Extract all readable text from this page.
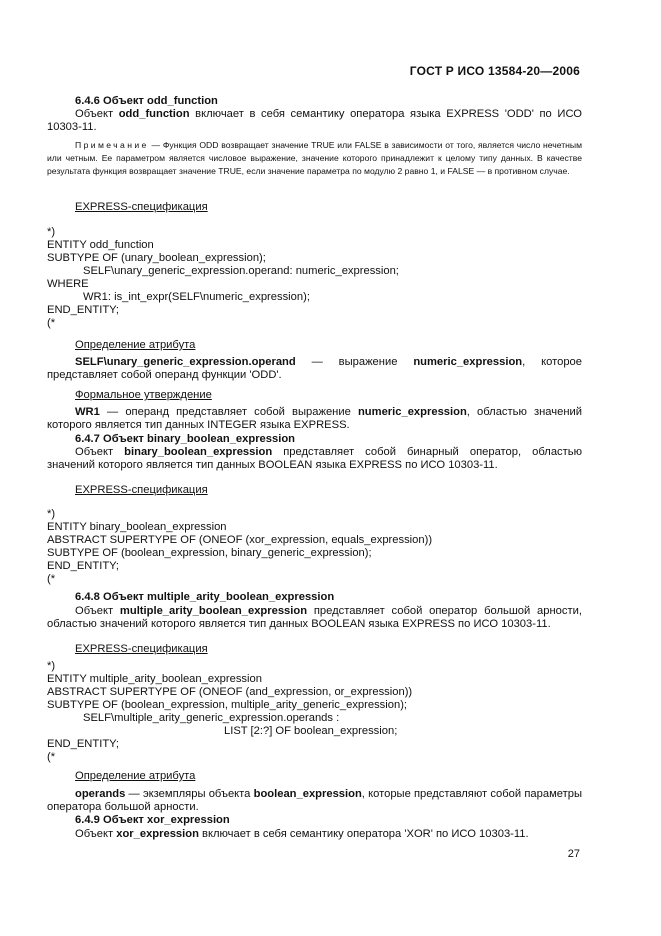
ГОСТ Р ИСО 13584-20—2006
6.4.6 Объект odd_function
Объект odd_function включает в себя семантику оператора языка EXPRESS 'ODD' по ИСО 10303-11.
Примечание — Функция ODD возвращает значение TRUE или FALSE в зависимости от того, является число нечетным или четным. Ее параметром является числовое выражение, значение которого принадлежит к целому типу данных. В качестве результата функция возвращает значение TRUE, если значение параметра по модулю 2 равно 1, и FALSE — в противном случае.
EXPRESS-спецификация
*)
ENTITY odd_function
SUBTYPE OF (unary_boolean_expression);
SELF\unary_generic_expression.operand: numeric_expression;
WHERE
WR1: is_int_expr(SELF\numeric_expression);
END_ENTITY;
(*
Определение атрибута
SELF\unary_generic_expression.operand — выражение numeric_expression, которое представляет собой операнд функции 'ODD'.
Формальное утверждение
WR1 — операнд представляет собой выражение numeric_expression, областью значений которого является тип данных INTEGER языка EXPRESS.
6.4.7 Объект binary_boolean_expression
Объект binary_boolean_expression представляет собой бинарный оператор, областью значений которого является тип данных BOOLEAN языка EXPRESS по ИСО 10303-11.
EXPRESS-спецификация
*)
ENTITY binary_boolean_expression
ABSTRACT SUPERTYPE OF (ONEOF (xor_expression, equals_expression))
SUBTYPE OF (boolean_expression, binary_generic_expression);
END_ENTITY;
(*
6.4.8 Объект multiple_arity_boolean_expression
Объект multiple_arity_boolean_expression представляет собой оператор большой арности, областью значений которого является тип данных BOOLEAN языка EXPRESS по ИСО 10303-11.
EXPRESS-спецификация
*)
ENTITY multiple_arity_boolean_expression
ABSTRACT SUPERTYPE OF (ONEOF (and_expression, or_expression))
SUBTYPE OF (boolean_expression, multiple_arity_generic_expression);
SELF\multiple_arity_generic_expression.operands :
LIST [2:?] OF boolean_expression;
END_ENTITY;
(*
Определение атрибута
operands — экземпляры объекта boolean_expression, которые представляют собой параметры оператора большой арности.
6.4.9 Объект xor_expression
Объект xor_expression включает в себя семантику оператора 'XOR' по ИСО 10303-11.
27
